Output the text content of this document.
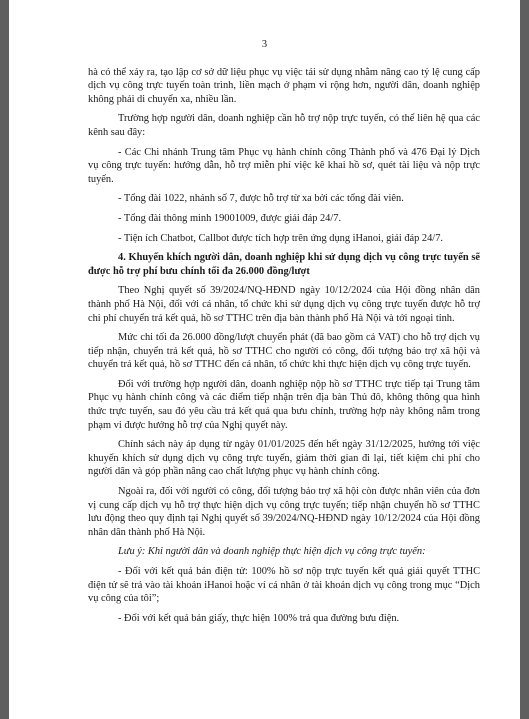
3

hà có thể xảy ra, tạo lập cơ sở dữ liệu phục vụ việc tái sử dụng nhằm nâng cao tỷ lệ cung cấp dịch vụ công trực tuyến toàn trình, liền mạch ở phạm vi rộng hơn, người dân, doanh nghiệp không phải di chuyển xa, nhiều lần.

Trường hợp người dân, doanh nghiệp cần hỗ trợ nộp trực tuyến, có thể liên hệ qua các kênh sau đây:

- Các Chi nhánh Trung tâm Phục vụ hành chính công Thành phố và 476 Đại lý Dịch vụ công trực tuyến: hướng dẫn, hỗ trợ miễn phí việc kê khai hồ sơ, quét tài liệu và nộp trực tuyến.

- Tổng đài 1022, nhánh số 7, được hỗ trợ từ xa bởi các tổng đài viên.

- Tổng đài thông minh 19001009, được giải đáp 24/7.

- Tiện ích Chatbot, Callbot được tích hợp trên ứng dụng iHanoi, giải đáp 24/7.

4. Khuyến khích người dân, doanh nghiệp khi sử dụng dịch vụ công trực tuyến sẽ được hỗ trợ phí bưu chính tối đa 26.000 đồng/lượt

Theo Nghị quyết số 39/2024/NQ-HĐND ngày 10/12/2024 của Hội đồng nhân dân thành phố Hà Nội, đối với cá nhân, tổ chức khi sử dụng dịch vụ công trực tuyến được hỗ trợ chi phí chuyển trả kết quả, hồ sơ TTHC trên địa bàn thành phố Hà Nội và tới ngoại tỉnh.

Mức chi tối đa 26.000 đồng/lượt chuyển phát (đã bao gồm cả VAT) cho hỗ trợ dịch vụ tiếp nhận, chuyển trả kết quả, hồ sơ TTHC cho người có công, đối tượng bảo trợ xã hội và chuyển trả kết quả, hồ sơ TTHC đến cá nhân, tổ chức khi thực hiện dịch vụ công trực tuyến.

Đối với trường hợp người dân, doanh nghiệp nộp hồ sơ TTHC trực tiếp tại Trung tâm Phục vụ hành chính công và các điểm tiếp nhận trên địa bàn Thủ đô, không thông qua hình thức trực tuyến, sau đó yêu cầu trả kết quả qua bưu chính, trường hợp này không nằm trong phạm vi được hưởng hỗ trợ của Nghị quyết này.

Chính sách này áp dụng từ ngày 01/01/2025 đến hết ngày 31/12/2025, hướng tới việc khuyến khích sử dụng dịch vụ công trực tuyến, giảm thời gian đi lại, tiết kiệm chi phí cho người dân và góp phần nâng cao chất lượng phục vụ hành chính công.

Ngoài ra, đối với người có công, đối tượng bảo trợ xã hội còn được nhân viên của đơn vị cung cấp dịch vụ hỗ trợ thực hiện dịch vụ công trực tuyến; tiếp nhận chuyển hồ sơ TTHC lưu động theo quy định tại Nghị quyết số 39/2024/NQ-HĐND ngày 10/12/2024 của Hội đồng nhân dân thành phố Hà Nội.

Lưu ý: Khi người dân và doanh nghiệp thực hiện dịch vụ công trực tuyến:

- Đối với kết quả bản điện tử: 100% hồ sơ nộp trực tuyến kết quả giải quyết TTHC điện tử sẽ trả vào tài khoản iHanoi hoặc ví cá nhân ở tài khoản dịch vụ công trong mục “Dịch vụ công của tôi”;

- Đối với kết quả bản giấy, thực hiện 100% trả qua đường bưu điện.
